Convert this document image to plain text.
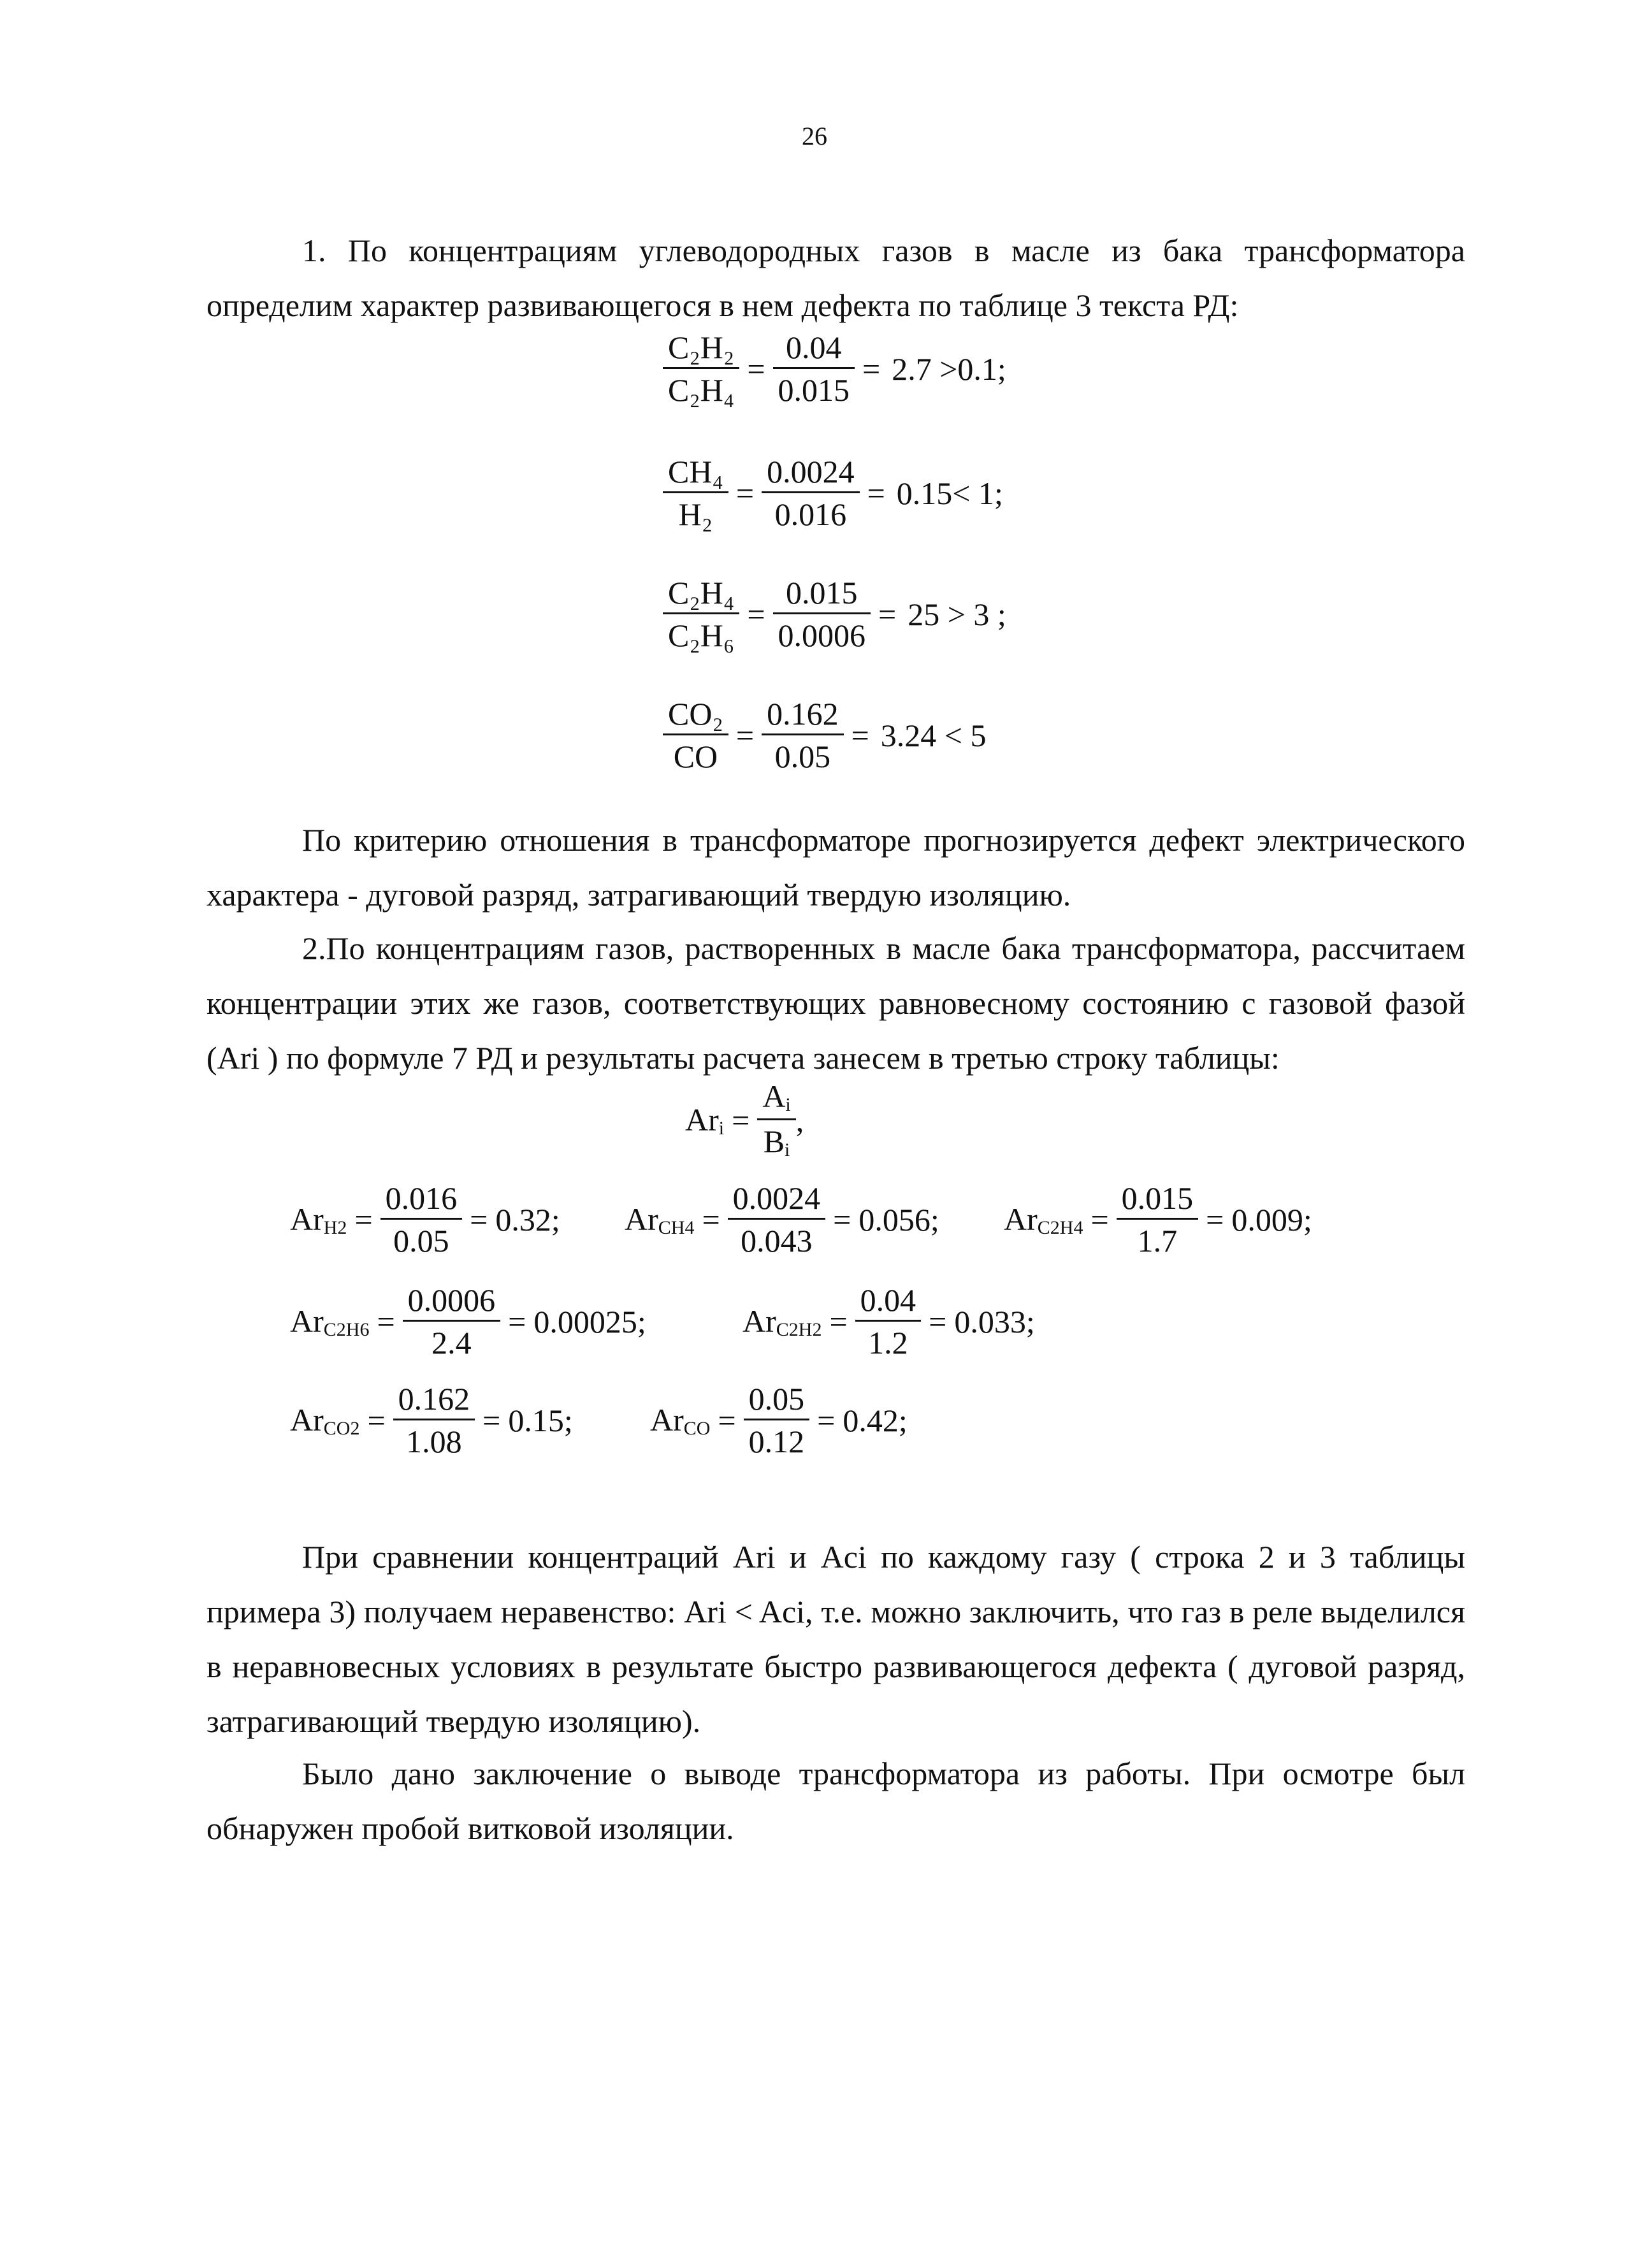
26

1. По концентрациям углеводородных газов в масле из бака трансформатора определим характер развивающегося в нем дефекта по таблице 3 текста РД:

$\frac{\text{C₂H₂}}{\text{C₂H₄}} = \frac{0.04}{0.015} = 2.7 >0.1$;
$\frac{\text{CH₄}}{\text{H₂}} = \frac{0.0024}{0.016} = 0.15< 1$;
$\frac{\text{C₂H₄}}{\text{C₂H₆}} = \frac{0.015}{0.0006} = 25 > 3$ ;
$\frac{\text{CO₂}}{CO} = \frac{0.162}{0.05} = 3.24 < 5$

По критерию отношения в трансформаторе прогнозируется дефект электрического характера - дуговой разряд, затрагивающий твердую изоляцию.

2.По концентрациям газов, растворенных в масле бака трансформатора, рассчитаем концентрации этих же газов, соответствующих равновесному состоянию с газовой фазой (Ari ) по формуле 7 РД и результаты расчета занесем в третью строку таблицы:

$Ar_i = \frac{A_i}{B_i}$ ,
$Ar_{H2} = \frac{0.016}{0.05} = 0.32$; $Ar_{CH4} = \frac{0.0024}{0.043} = 0.056$; $Ar_{C2H4} = \frac{0.015}{1.7} = 0.009$;
$Ar_{C2H6} = \frac{0.0006}{2.4} = 0.00025$;	$Ar_{C2H2} = \frac{0.04}{1.2} = 0.033$;
$Ar_{CO2} = \frac{0.162}{1.08} = 0.15$; $Ar_{CO} = \frac{0.05}{0.12} = 0.42$;

При сравнении концентраций Ari и Aci по каждому газу ( строка 2 и 3 таблицы примера 3) получаем неравенство: Ari < Aci, т.е. можно заключить, что газ в реле выделился в неравновесных условиях в результате быстро развивающегося дефекта ( дуговой разряд, затрагивающий твердую изоляцию).

Было дано заключение о выводе трансформатора из работы. При осмотре был обнаружен пробой витковой изоляции.
